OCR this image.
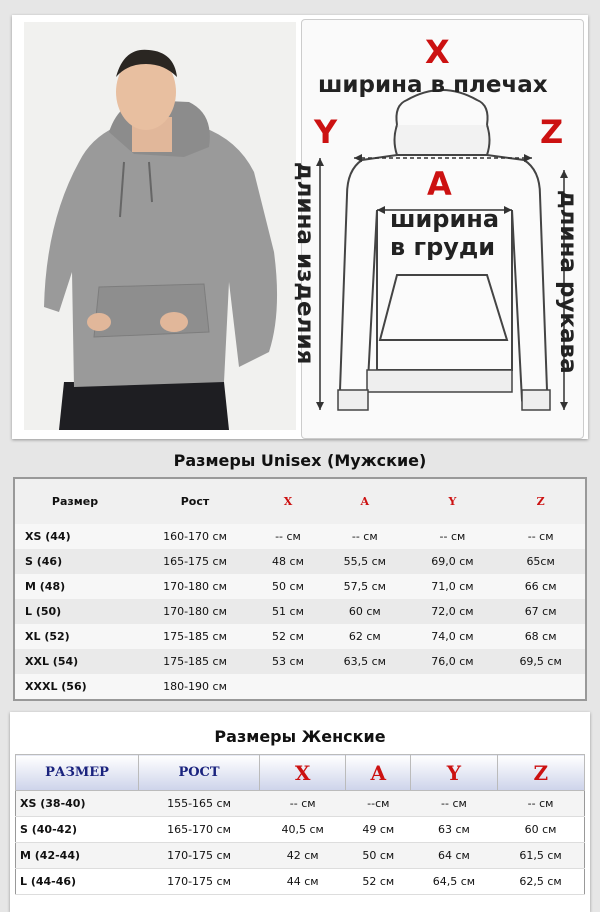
X
ширина в плечах
Y	Z
A
ширина
в груди
длина изделия	длина рукава
Размеры Unisex (Мужские)
Размер	Рост	X	A	Y	Z
XS (44)	160-170 см	-- см	-- см	-- см	-- см
S (46)	165-175 см	48 см	55,5 см	69,0 см	65см
M (48)	170-180 см	50 см	57,5 см	71,0 см	66 см
L (50)	170-180 см	51 см	60 см	72,0 см	67 см
XL (52)	175-185 см	52 см	62 см	74,0 см	68 см
XXL (54)	175-185 см	53 см	63,5 см	76,0 см	69,5 см
XXXL (56)	180-190 см				
Размеры Женские
РАЗМЕР	РОСТ	X	A	Y	Z
XS (38-40)	155-165 см	-- см	--см	-- см	-- см
S (40-42)	165-170 см	40,5 см	49 см	63 см	60 см
M (42-44)	170-175 см	42 см	50 см	64 см	61,5 см
L (44-46)	170-175 см	44 см	52 см	64,5 см	62,5 см
